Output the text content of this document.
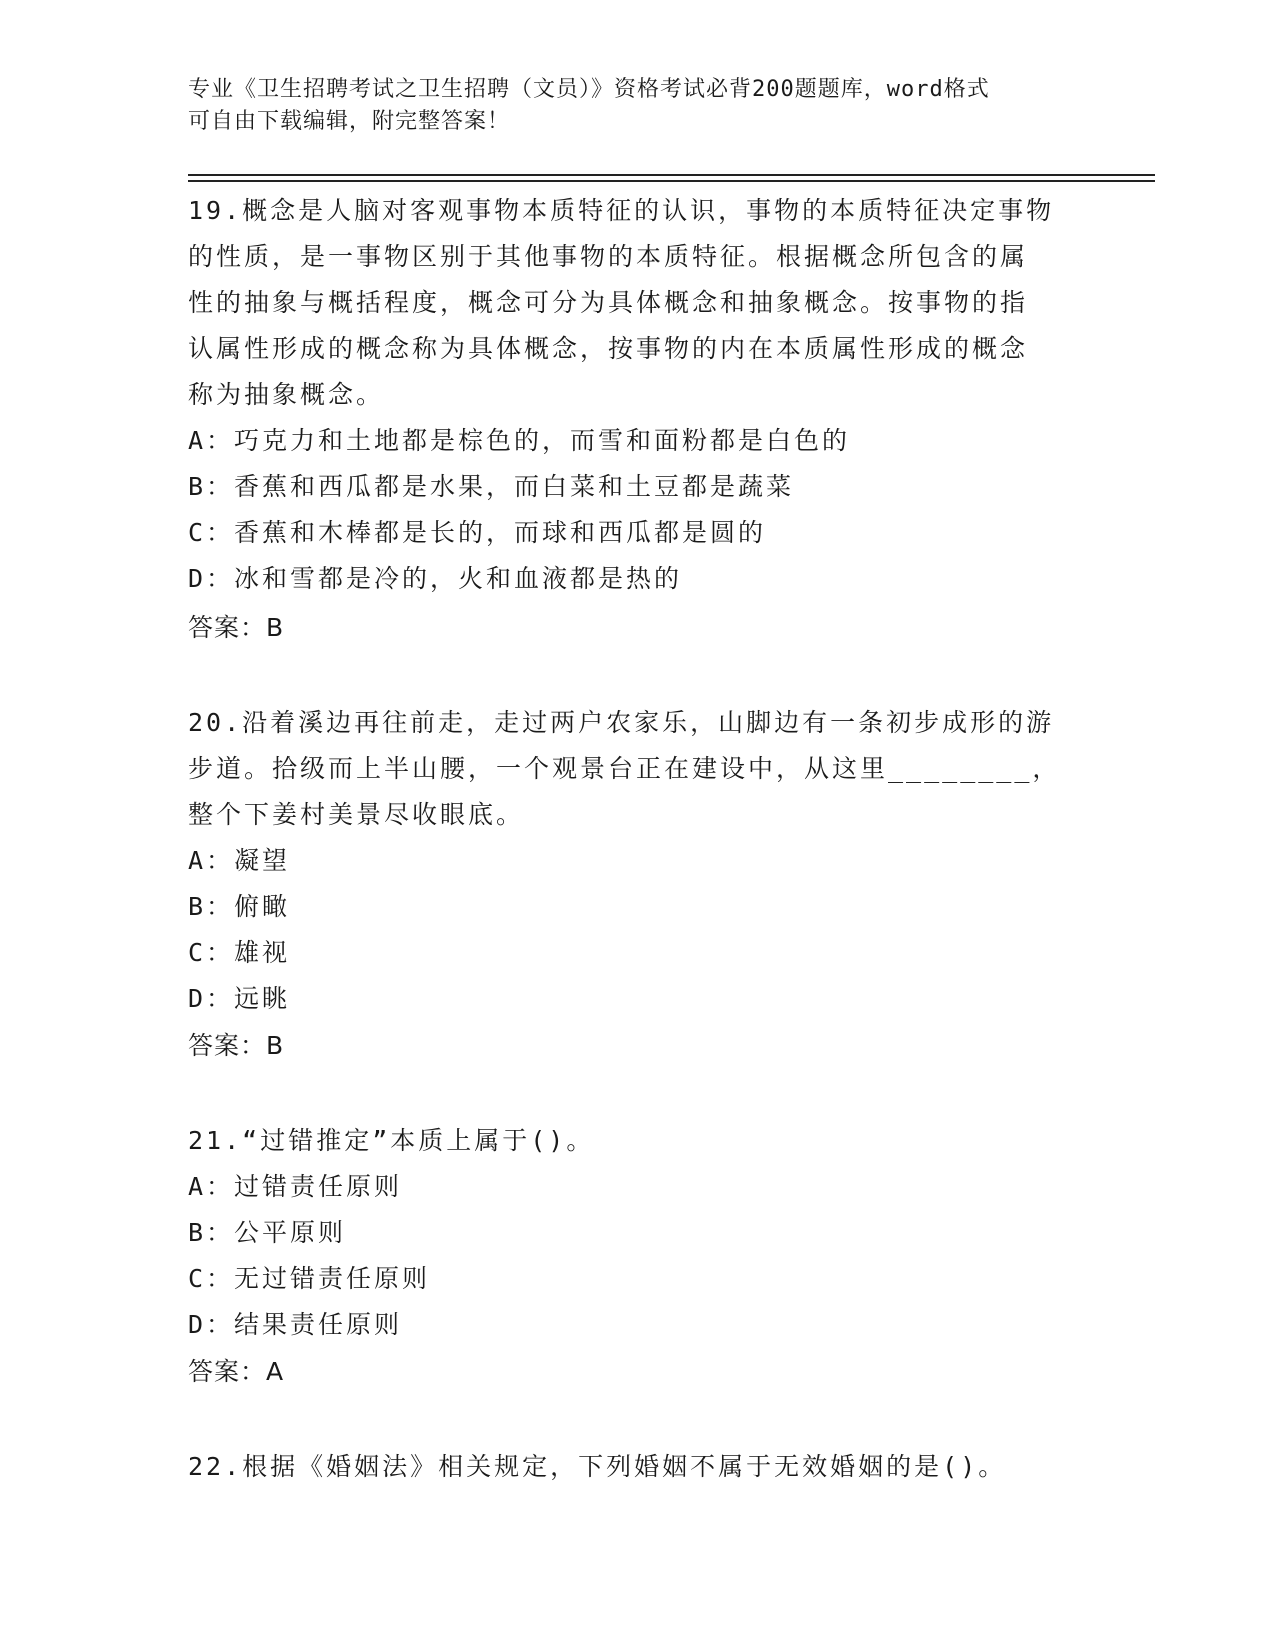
专业《卫生招聘考试之卫生招聘（文员）》资格考试必背200题题库，word格式
可自由下载编辑，附完整答案！

19.概念是人脑对客观事物本质特征的认识，事物的本质特征决定事物

的性质，是一事物区别于其他事物的本质特征。根据概念所包含的属

性的抽象与概括程度，概念可分为具体概念和抽象概念。按事物的指

认属性形成的概念称为具体概念，按事物的内在本质属性形成的概念

称为抽象概念。

A：巧克力和土地都是棕色的，而雪和面粉都是白色的

B：香蕉和西瓜都是水果，而白菜和土豆都是蔬菜

C：香蕉和木棒都是长的，而球和西瓜都是圆的

D：冰和雪都是冷的，火和血液都是热的

答案：B

20.沿着溪边再往前走，走过两户农家乐，山脚边有一条初步成形的游

步道。拾级而上半山腰，一个观景台正在建设中，从这里________，

整个下姜村美景尽收眼底。

A：凝望

B：俯瞰

C：雄视

D：远眺

答案：B

21.“过错推定”本质上属于()。

A：过错责任原则

B：公平原则

C：无过错责任原则

D：结果责任原则

答案：A

22.根据《婚姻法》相关规定，下列婚姻不属于无效婚姻的是()。
